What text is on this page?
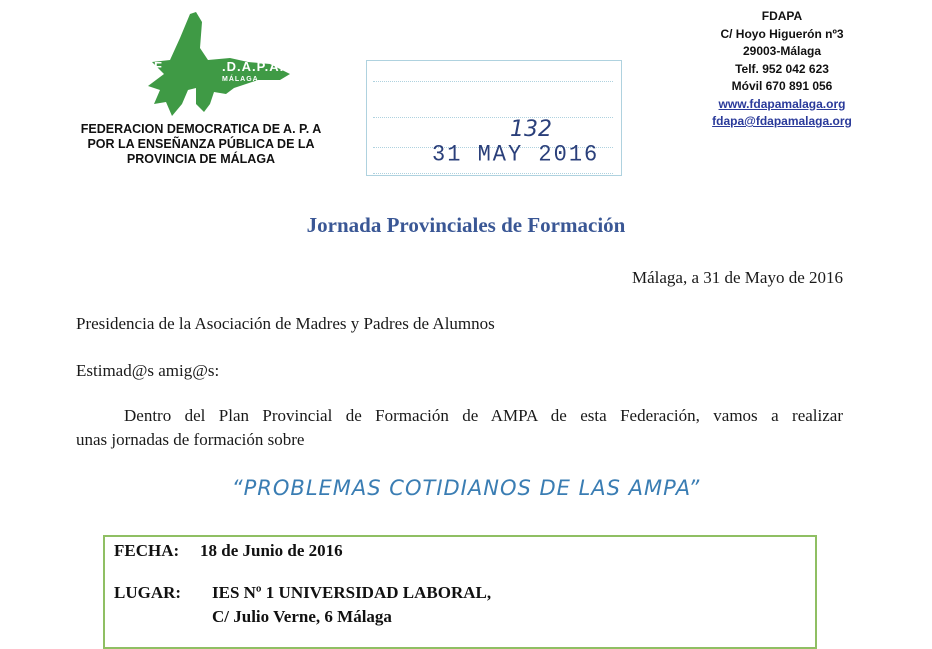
.D.A.P.A.
F
MÁLAGA
FEDERACION DEMOCRATICA DE A. P. A
POR LA ENSEÑANZA PÚBLICA DE LA
PROVINCIA DE MÁLAGA
FDAPA
C/ Hoyo Higuerón nº3
29003-Málaga
Telf. 952 042 623
Móvil 670 891 056
www.fdapamalaga.org
fdapa@fdapamalaga.org
132
31 MAY 2016
Jornada Provinciales de Formación
Málaga, a 31 de Mayo de 2016
Presidencia de la Asociación de Madres y Padres de Alumnos
Estimad@s amig@s:
Dentro del Plan Provincial de Formación de AMPA de esta Federación, vamos a realizar
unas jornadas de formación sobre
“PROBLEMAS COTIDIANOS DE LAS AMPA”
FECHA: 18 de Junio de 2016
LUGAR: IES Nº 1 UNIVERSIDAD LABORAL,
C/ Julio Verne, 6 Málaga
